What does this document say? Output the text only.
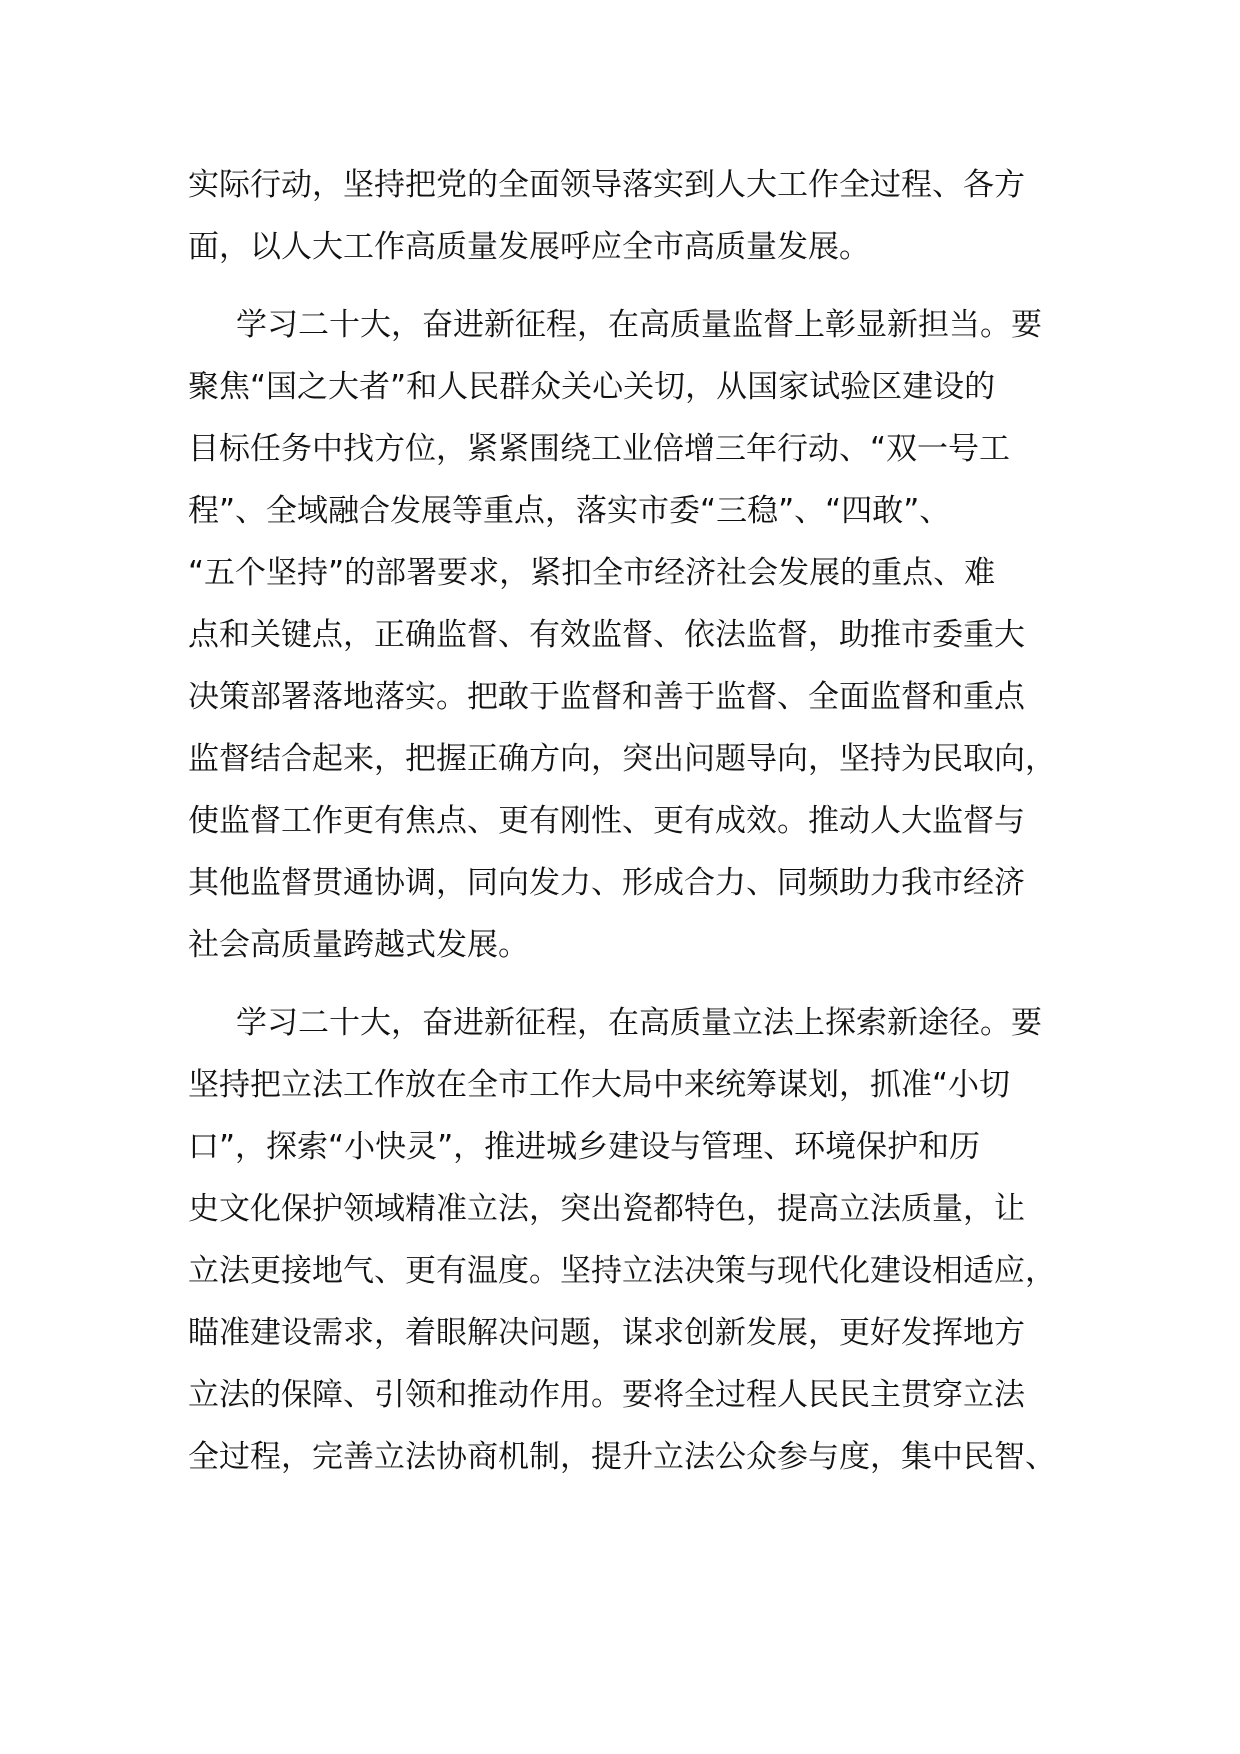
实际行动，坚持把党的全面领导落实到人大工作全过程、各方
面，以人大工作高质量发展呼应全市高质量发展。
学习二十大，奋进新征程，在高质量监督上彰显新担当。要
聚焦“国之大者”和人民群众关心关切，从国家试验区建设的
目标任务中找方位，紧紧围绕工业倍增三年行动、“双一号工
程”、全域融合发展等重点，落实市委“三稳”、“四敢”、
“五个坚持”的部署要求，紧扣全市经济社会发展的重点、难
点和关键点，正确监督、有效监督、依法监督，助推市委重大
决策部署落地落实。把敢于监督和善于监督、全面监督和重点
监督结合起来，把握正确方向，突出问题导向，坚持为民取向，
使监督工作更有焦点、更有刚性、更有成效。推动人大监督与
其他监督贯通协调，同向发力、形成合力、同频助力我市经济
社会高质量跨越式发展。
学习二十大，奋进新征程，在高质量立法上探索新途径。要
坚持把立法工作放在全市工作大局中来统筹谋划，抓准“小切
口”，探索“小快灵”，推进城乡建设与管理、环境保护和历
史文化保护领域精准立法，突出瓷都特色，提高立法质量，让
立法更接地气、更有温度。坚持立法决策与现代化建设相适应，
瞄准建设需求，着眼解决问题，谋求创新发展，更好发挥地方
立法的保障、引领和推动作用。要将全过程人民民主贯穿立法
全过程，完善立法协商机制，提升立法公众参与度，集中民智、
